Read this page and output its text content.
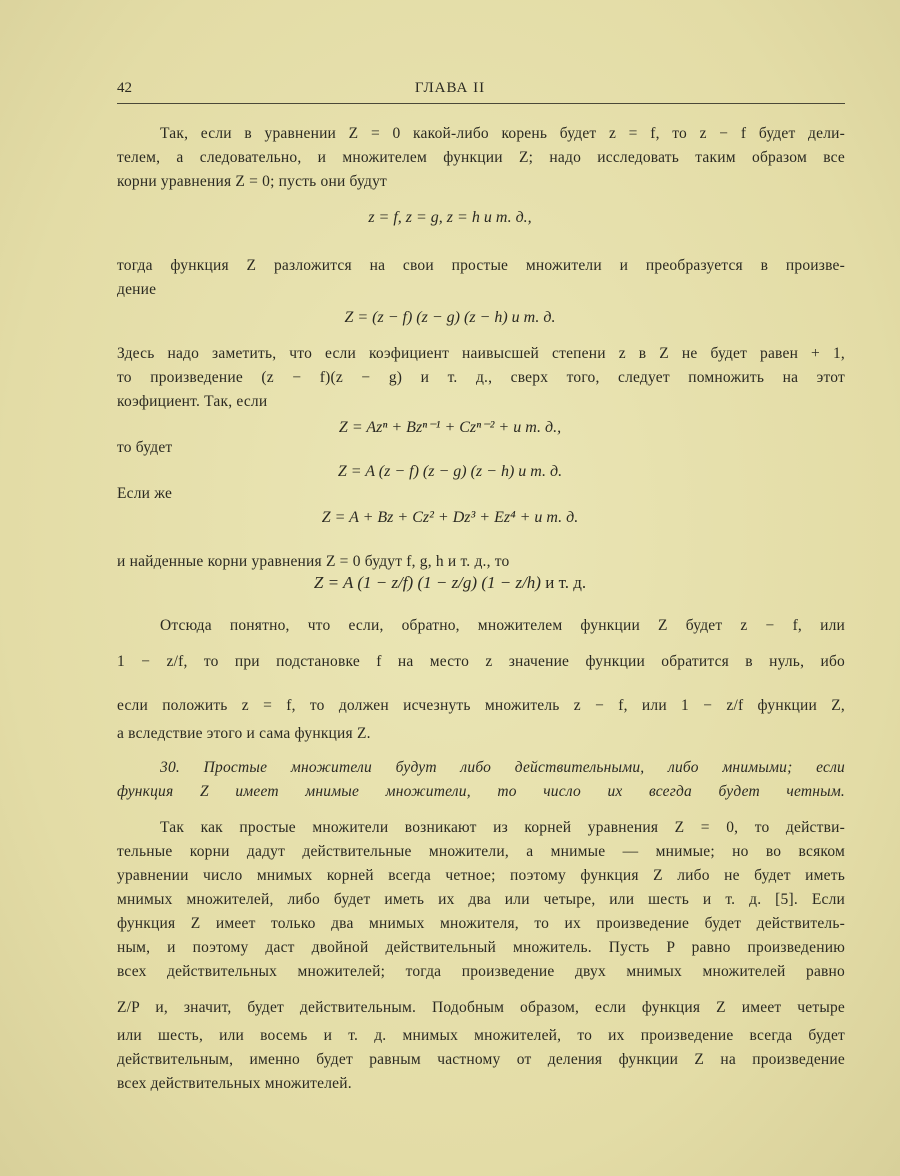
42	ГЛАВА II
Так, если в уравнении Z = 0 какой-либо корень будет z = f, то z − f будет дели-
телем, а следовательно, и множителем функции Z; надо исследовать таким образом все
корни уравнения Z = 0; пусть они будут
z = f, z = g, z = h и т. д.,
тогда функция Z разложится на свои простые множители и преобразуется в произве-
дение
Z = (z − f) (z − g) (z − h) и т. д.
Здесь надо заметить, что если коэфициент наивысшей степени z в Z не будет равен + 1,
то произведение (z − f)(z − g) и т. д., сверх того, следует помножить на этот
коэфициент. Так, если
Z = Azⁿ + Bzⁿ⁻¹ + Czⁿ⁻² + и т. д.,
то будет
Z = A (z − f) (z − g) (z − h) и т. д.
Если же
Z = A + Bz + Cz² + Dz³ + Ez⁴ + и т. д.
и найденные корни уравнения Z = 0 будут f, g, h и т. д., то
Z = A (1 − z/f) (1 − z/g) (1 − z/h) и т. д.
Отсюда понятно, что если, обратно, множителем функции Z будет z − f, или
1 − z/f, то при подстановке f на место z значение функции обратится в нуль, ибо
если положить z = f, то должен исчезнуть множитель z − f, или 1 − z/f функции Z,
а вследствие этого и сама функция Z.
30. Простые множители будут либо действительными, либо мнимыми; если
функция Z имеет мнимые множители, то число их всегда будет четным.
Так как простые множители возникают из корней уравнения Z = 0, то действи-
тельные корни дадут действительные множители, а мнимые — мнимые; но во всяком
уравнении число мнимых корней всегда четное; поэтому функция Z либо не будет иметь
мнимых множителей, либо будет иметь их два или четыре, или шесть и т. д. [5]. Если
функция Z имеет только два мнимых множителя, то их произведение будет действитель-
ным, и поэтому даст двойной действительный множитель. Пусть P равно произведению
всех действительных множителей; тогда произведение двух мнимых множителей равно
Z/P и, значит, будет действительным. Подобным образом, если функция Z имеет четыре
или шесть, или восемь и т. д. мнимых множителей, то их произведение всегда будет
действительным, именно будет равным частному от деления функции Z на произведение
всех действительных множителей.
